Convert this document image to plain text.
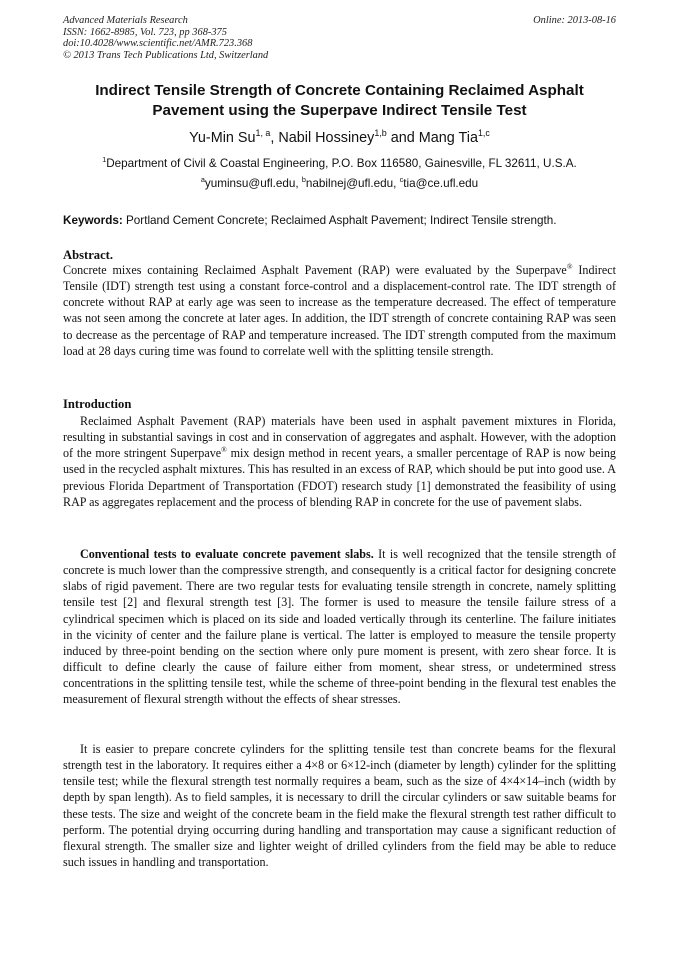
Advanced Materials Research
ISSN: 1662-8985, Vol. 723, pp 368-375
doi:10.4028/www.scientific.net/AMR.723.368
© 2013 Trans Tech Publications Ltd, Switzerland
Online: 2013-08-16
Indirect Tensile Strength of Concrete Containing Reclaimed Asphalt
Pavement using the Superpave Indirect Tensile Test
Yu-Min Su$^{1, a}$, Nabil Hossiney$^{1,b}$ and Mang Tia$^{1,c}$
$^1$Department of Civil & Coastal Engineering, P.O. Box 116580, Gainesville, FL 32611, U.S.A.
$^a$yuminsu@ufl.edu, $^b$nabilnej@ufl.edu, $^c$tia@ce.ufl.edu
Keywords: Portland Cement Concrete; Reclaimed Asphalt Pavement; Indirect Tensile strength.
Abstract.

Concrete mixes containing Reclaimed Asphalt Pavement (RAP) were evaluated by the Superpave® Indirect Tensile (IDT) strength test using a constant force-control and a displacement-control rate. The IDT strength of concrete without RAP at early age was seen to increase as the temperature decreased. The effect of temperature was not seen among the concrete at later ages. In addition, the IDT strength of concrete containing RAP was seen to decrease as the percentage of RAP and temperature increased. The IDT strength computed from the maximum load at 28 days curing time was found to correlate well with the splitting tensile strength.

Introduction

Reclaimed Asphalt Pavement (RAP) materials have been used in asphalt pavement mixtures in Florida, resulting in substantial savings in cost and in conservation of aggregates and asphalt. However, with the adoption of the more stringent Superpave® mix design method in recent years, a smaller percentage of RAP is now being used in the recycled asphalt mixtures. This has resulted in an excess of RAP, which should be put into good use. A previous Florida Department of Transportation (FDOT) research study [1] demonstrated the feasibility of using RAP as aggregates replacement and the process of blending RAP in concrete for the use of pavement slabs.

Conventional tests to evaluate concrete pavement slabs. It is well recognized that the tensile strength of concrete is much lower than the compressive strength, and consequently is a critical factor for designing concrete slabs of rigid pavement. There are two regular tests for evaluating tensile strength in concrete, namely splitting tensile test [2] and flexural strength test [3]. The former is used to measure the tensile failure stress of a cylindrical specimen which is placed on its side and loaded vertically through its centerline. The failure initiates in the vicinity of center and the failure plane is vertical. The latter is employed to measure the tensile property induced by three-point bending on the section where only pure moment is present, with zero shear force. It is difficult to define clearly the cause of failure either from moment, shear stress, or undetermined stress concentrations in the splitting tensile test, while the scheme of three-point bending in the flexural test enables the measurement of flexural strength without the effects of shear stresses.

It is easier to prepare concrete cylinders for the splitting tensile test than concrete beams for the flexural strength test in the laboratory. It requires either a 4×8 or 6×12-inch (diameter by length) cylinder for the splitting tensile test; while the flexural strength test normally requires a beam, such as the size of 4×4×14–inch (width by depth by span length). As to field samples, it is necessary to drill the circular cylinders or saw suitable beams for these tests. The size and weight of the concrete beam in the field make the flexural strength test rather difficult to perform. The potential drying occurring during handling and transportation may cause a significant reduction of flexural strength. The smaller size and lighter weight of drilled cylinders from the field may be able to reduce such issues in handling and transportation.
